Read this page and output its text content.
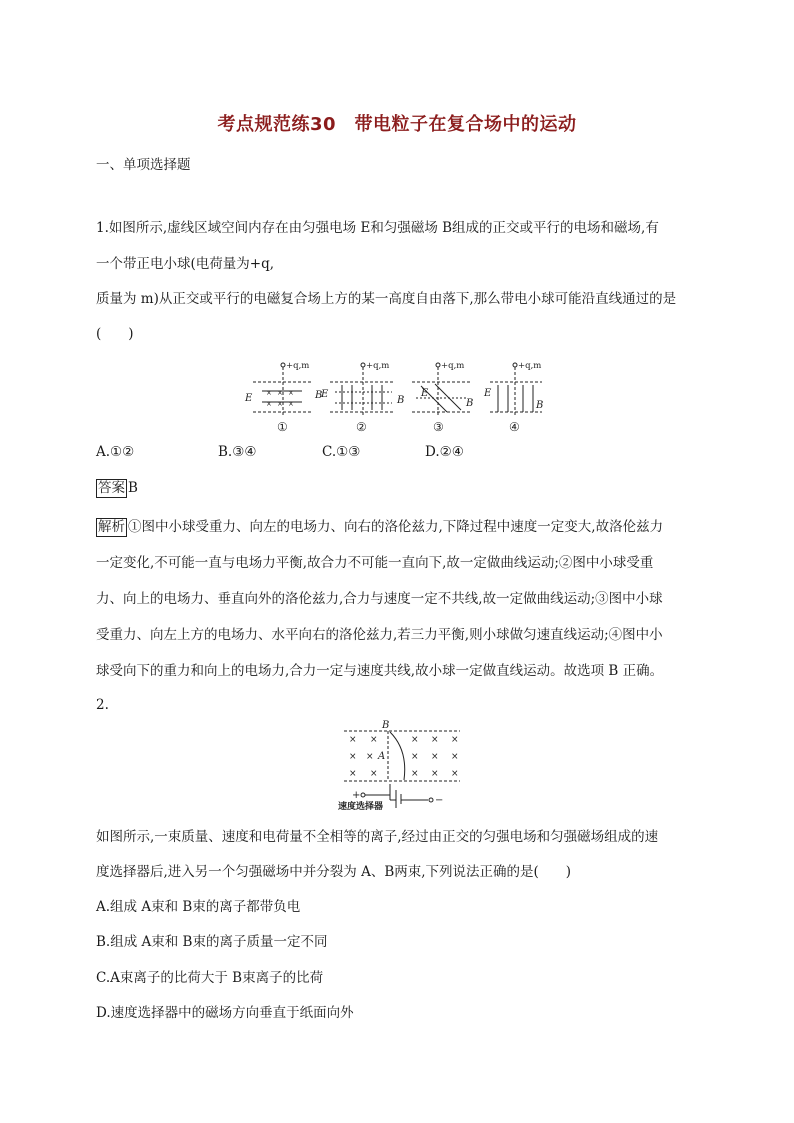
考点规范练30　带电粒子在复合场中的运动

一、单项选择题

1.如图所示,虚线区域空间内存在由匀强电场 E和匀强磁场 B组成的正交或平行的电场和磁场,有

一个带正电小球(电荷量为+q,

质量为 m)从正交或平行的电磁复合场上方的某一高度自由落下,那么带电小球可能沿直线通过的是

(　　)

+q,m	+q,m	+q,m	+q,m
E	B
E
B
E
B
E
B
× × ×
× × ×
①	②	③	④

A.①②	B.③④	C.①③	D.②④

答案 B

解析 ①图中小球受重力、向左的电场力、向右的洛伦兹力,下降过程中速度一定变大,故洛伦兹力
一定变化,不可能一直与电场力平衡,故合力不可能一直向下,故一定做曲线运动;②图中小球受重
力、向上的电场力、垂直向外的洛伦兹力,合力与速度一定不共线,故一定做曲线运动;③图中小球
受重力、向左上方的电场力、水平向右的洛伦兹力,若三力平衡,则小球做匀速直线运动;④图中小
球受向下的重力和向上的电场力,合力一定与速度共线,故小球一定做直线运动。故选项 B 正确。

2.

× ×	× × ×
× ×	× × ×
× ×	× × ×
B
A
+	−
速度选择器

如图所示,一束质量、速度和电荷量不全相等的离子,经过由正交的匀强电场和匀强磁场组成的速

度选择器后,进入另一个匀强磁场中并分裂为 A、B两束,下列说法正确的是(　　)

A.组成 A束和 B束的离子都带负电

B.组成 A束和 B束的离子质量一定不同

C.A束离子的比荷大于 B束离子的比荷

D.速度选择器中的磁场方向垂直于纸面向外
